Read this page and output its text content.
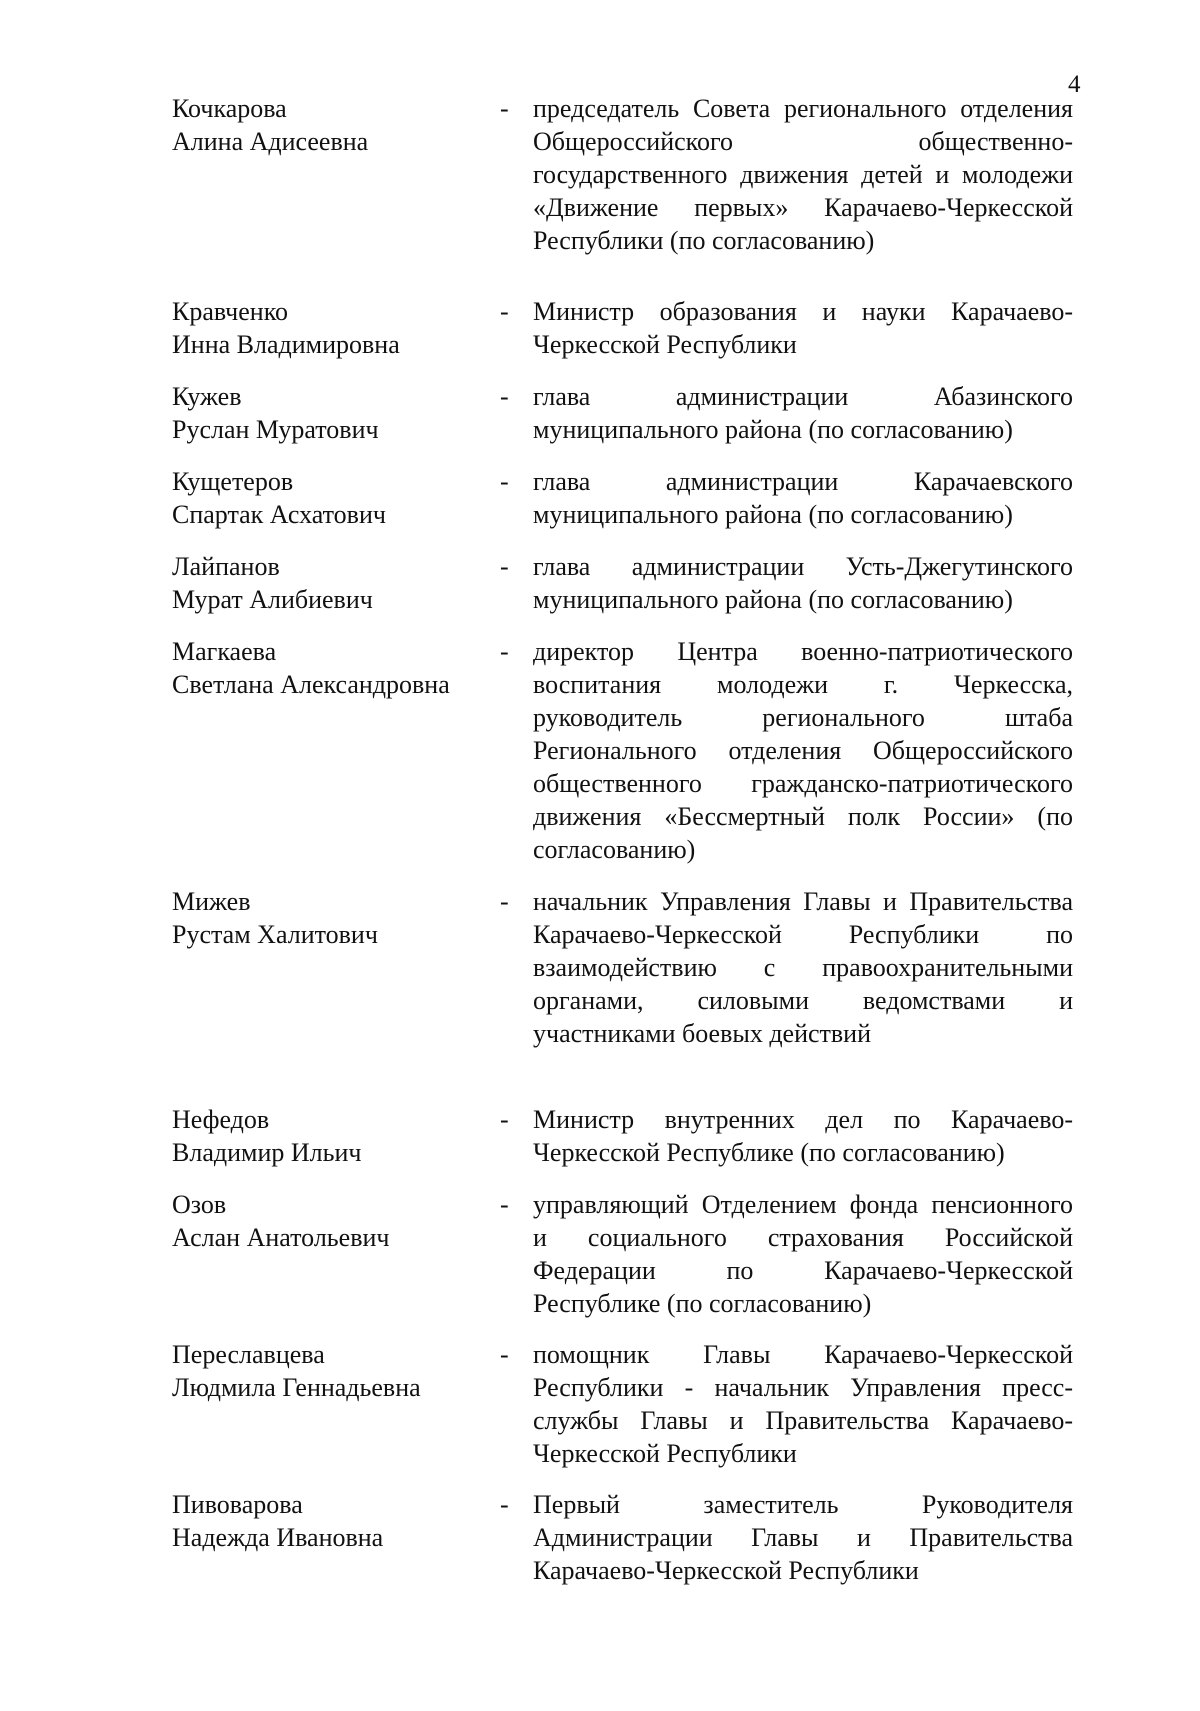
4
Кочкарова
Алина Адисеевна
- председатель Совета регионального отделения Общероссийского общественно-государственного движения детей и молодежи «Движение первых» Карачаево-Черкесской Республики (по согласованию)
Кравченко
Инна Владимировна
- Министр образования и науки Карачаево-Черкесской Республики
Кужев
Руслан Муратович
- глава администрации Абазинского муниципального района (по согласованию)
Кущетеров
Спартак Асхатович
- глава администрации Карачаевского муниципального района (по согласованию)
Лайпанов
Мурат Алибиевич
- глава администрации Усть-Джегутинского муниципального района (по согласованию)
Магкаева
Светлана Александровна
- директор Центра военно-патриотического воспитания молодежи г. Черкесска, руководитель регионального штаба Регионального отделения Общероссийского общественного гражданско-патриотического движения «Бессмертный полк России» (по согласованию)
Мижев
Рустам Халитович
- начальник Управления Главы и Правительства Карачаево-Черкесской Республики по взаимодействию с правоохранительными органами, силовыми ведомствами и участниками боевых действий
Нефедов
Владимир Ильич
- Министр внутренних дел по Карачаево-Черкесской Республике (по согласованию)
Озов
Аслан Анатольевич
- управляющий Отделением фонда пенсионного и социального страхования Российской Федерации по Карачаево-Черкесской Республике (по согласованию)
Переславцева
Людмила Геннадьевна
- помощник Главы Карачаево-Черкесской Республики - начальник Управления пресс-службы Главы и Правительства Карачаево-Черкесской Республики
Пивоварова
Надежда Ивановна
- Первый заместитель Руководителя Администрации Главы и Правительства Карачаево-Черкесской Республики
